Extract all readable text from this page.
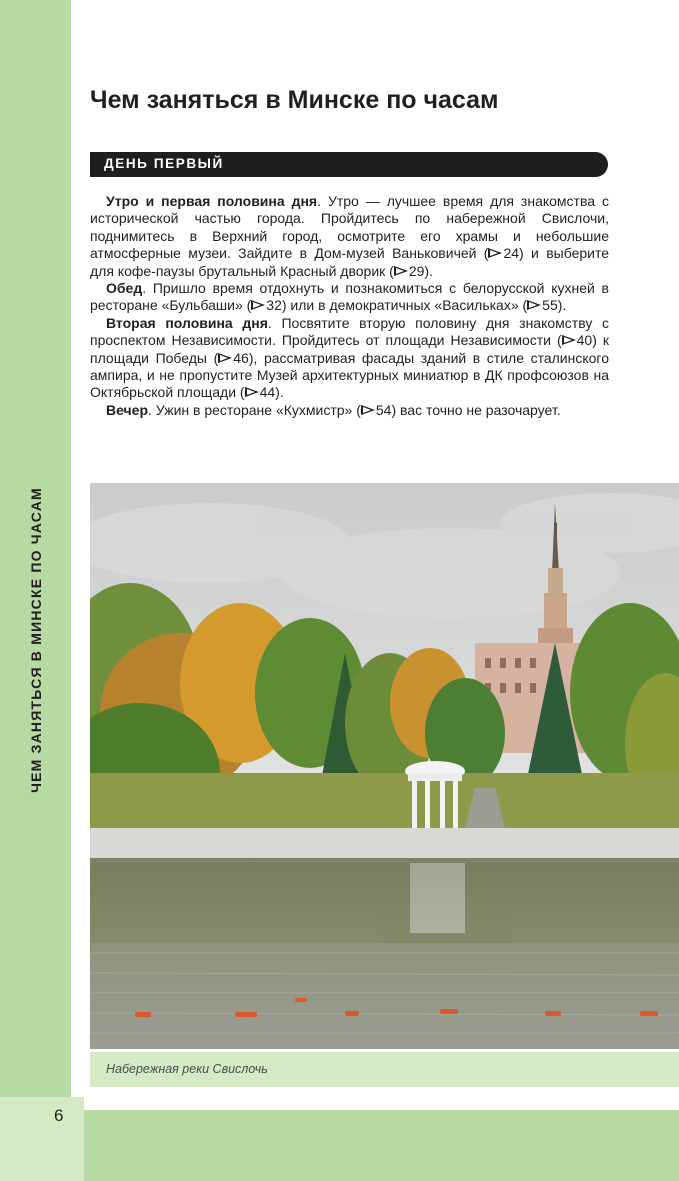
ЧЕМ ЗАНЯТЬСЯ В МИНСКЕ ПО ЧАСАМ
6
Чем заняться в Минске по часам
ДЕНЬ ПЕРВЫЙ

Утро и первая половина дня. Утро — лучшее время для знакомства с исторической частью города. Пройдитесь по набережной Свислочи, поднимитесь в Верхний город, осмотрите его храмы и небольшие атмосферные музеи. Зайдите в Дом-музей Ваньковичей ( 24) и выберите для кофе-паузы брутальный Красный дворик ( 29).

Обед. Пришло время отдохнуть и познакомиться с белорусской кухней в ресторане «Бульбаши» ( 32) или в демократичных «Васильках» ( 55).

Вторая половина дня. Посвятите вторую половину дня знакомству с проспектом Независимости. Пройдитесь от площади Независимости ( 40) к площади Победы ( 46), рассматривая фасады зданий в стиле сталинского ампира, и не пропустите Музей архитектурных миниатюр в ДК профсоюзов на Октябрьской площади ( 44).

Вечер. Ужин в ресторане «Кухмистр» ( 54) вас точно не разочарует.

Набережная реки Свислочь
